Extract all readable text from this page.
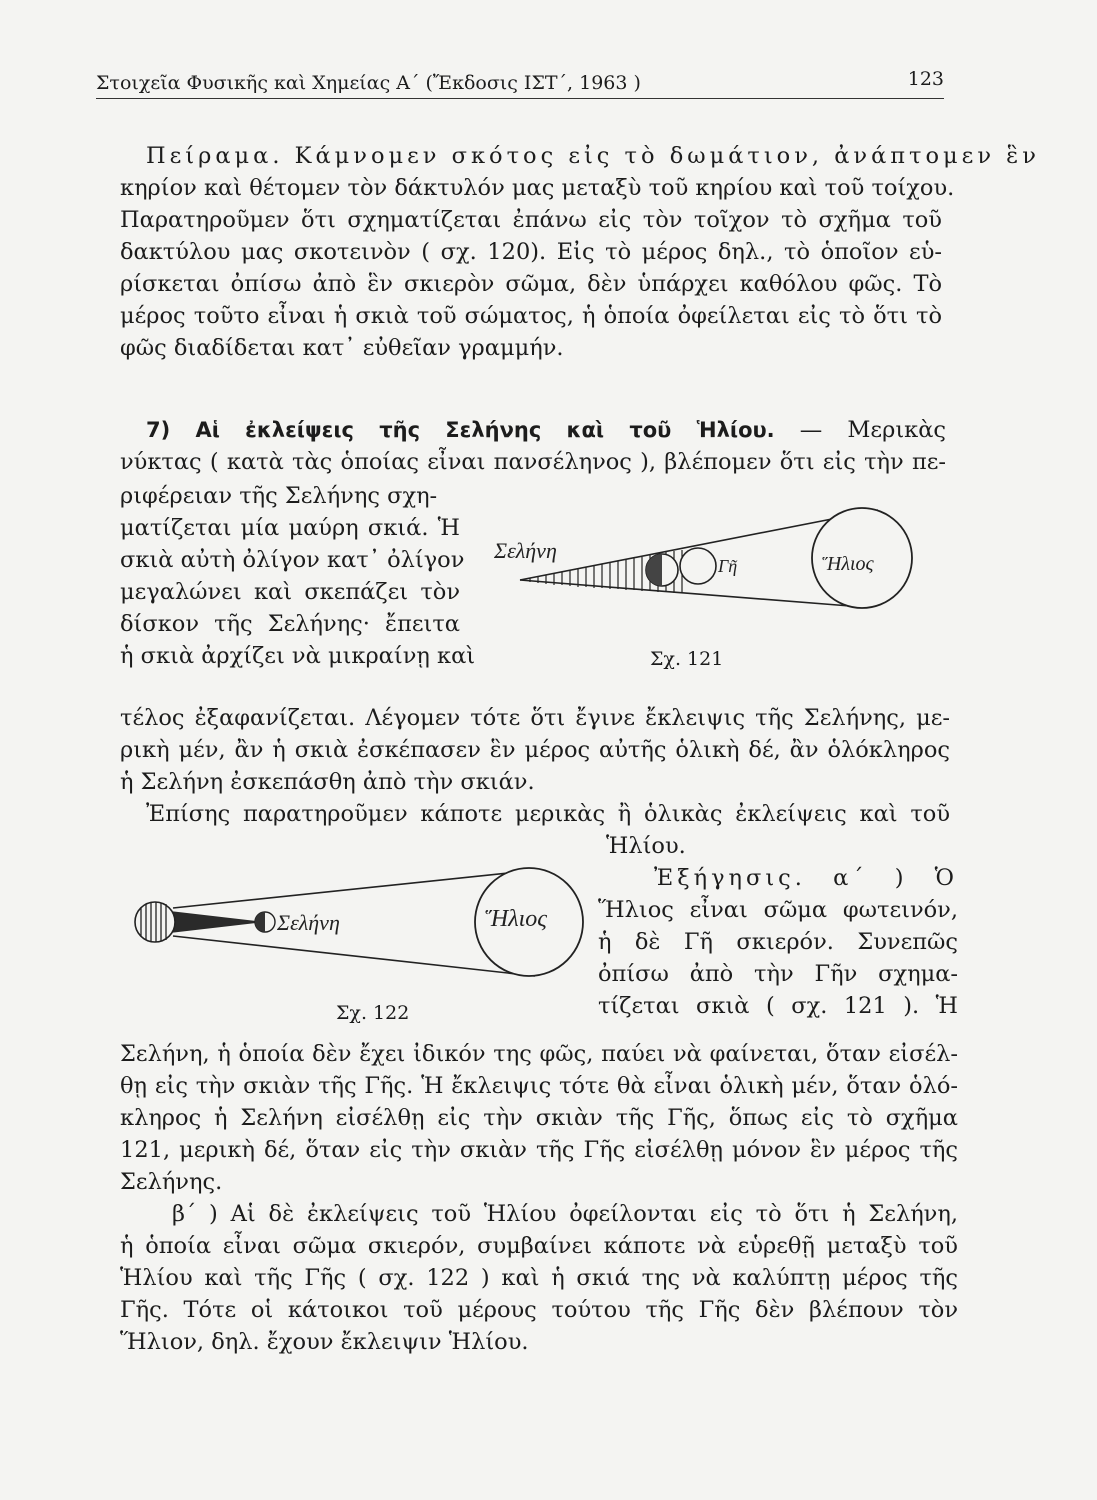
Στοιχεῖα Φυσικῆς καὶ Χημείας Α΄ (Ἔκδοσις ΙΣΤ΄, 1963 )	123
Πείραμα. Κάμνομεν σκότος εἰς τὸ δωμάτιον, ἀνάπτομεν ἓν
κηρίον καὶ θέτομεν τὸν δάκτυλόν μας μεταξὺ τοῦ κηρίου καὶ τοῦ τοίχου.
Παρατηροῦμεν ὅτι σχηματίζεται ἐπάνω εἰς τὸν τοῖχον τὸ σχῆμα τοῦ
δακτύλου μας σκοτεινὸν ( σχ. 120). Εἰς τὸ μέρος δηλ., τὸ ὁποῖον εὑ-
ρίσκεται ὀπίσω ἀπὸ ἓν σκιερὸν σῶμα, δὲν ὑπάρχει καθόλου φῶς. Τὸ
μέρος τοῦτο εἶναι ἡ σκιὰ τοῦ σώματος, ἡ ὁποία ὀφείλεται εἰς τὸ ὅτι τὸ
φῶς διαδίδεται κατ᾽ εὐθεῖαν γραμμήν.
7) Αἱ ἐκλείψεις τῆς Σελήνης καὶ τοῦ Ἡλίου. — Μερικὰς
νύκτας ( κατὰ τὰς ὁποίας εἶναι πανσέληνος ), βλέπομεν ὅτι εἰς τὴν πε-
ριφέρειαν τῆς Σελήνης σχη-
ματίζεται μία μαύρη σκιά. Ἡ
σκιὰ αὐτὴ ὀλίγον κατ᾽ ὀλίγον
μεγαλώνει καὶ σκεπάζει τὸν
δίσκον τῆς Σελήνης· ἔπειτα
ἡ σκιὰ ἀρχίζει νὰ μικραίνῃ καὶ
Σελήνη
Γῆ	Ἥλιος
Σχ. 121
τέλος ἐξαφανίζεται. Λέγομεν τότε ὅτι ἔγινε ἔκλειψις τῆς Σελήνης, με-
ρικὴ μέν, ἂν ἡ σκιὰ ἐσκέπασεν ἓν μέρος αὐτῆς ὁλικὴ δέ, ἂν ὁλόκληρος
ἡ Σελήνη ἐσκεπάσθη ἀπὸ τὴν σκιάν.
Ἐπίσης παρατηροῦμεν κάποτε μερικὰς ἢ ὁλικὰς ἐκλείψεις καὶ τοῦ
Ἡλίου.
Σελήνη	Ἥλιος
Σχ. 122
Ἐξήγησις. α΄ ) Ὁ
Ἥλιος εἶναι σῶμα φωτεινόν,
ἡ δὲ Γῆ σκιερόν. Συνεπῶς
ὀπίσω ἀπὸ τὴν Γῆν σχημα-
τίζεται σκιὰ ( σχ. 121 ). Ἡ
Σελήνη, ἡ ὁποία δὲν ἔχει ἰδικόν της φῶς, παύει νὰ φαίνεται, ὅταν εἰσέλ-
θῃ εἰς τὴν σκιὰν τῆς Γῆς. Ἡ ἔκλειψις τότε θὰ εἶναι ὁλικὴ μέν, ὅταν ὁλό-
κληρος ἡ Σελήνη εἰσέλθῃ εἰς τὴν σκιὰν τῆς Γῆς, ὅπως εἰς τὸ σχῆμα
121, μερικὴ δέ, ὅταν εἰς τὴν σκιὰν τῆς Γῆς εἰσέλθῃ μόνον ἓν μέρος τῆς
Σελήνης.
β΄ ) Αἱ δὲ ἐκλείψεις τοῦ Ἡλίου ὀφείλονται εἰς τὸ ὅτι ἡ Σελήνη,
ἡ ὁποία εἶναι σῶμα σκιερόν, συμβαίνει κάποτε νὰ εὑρεθῇ μεταξὺ τοῦ
Ἡλίου καὶ τῆς Γῆς ( σχ. 122 ) καὶ ἡ σκιά της νὰ καλύπτῃ μέρος τῆς
Γῆς. Τότε οἱ κάτοικοι τοῦ μέρους τούτου τῆς Γῆς δὲν βλέπουν τὸν
Ἥλιον, δηλ. ἔχουν ἔκλειψιν Ἡλίου.
